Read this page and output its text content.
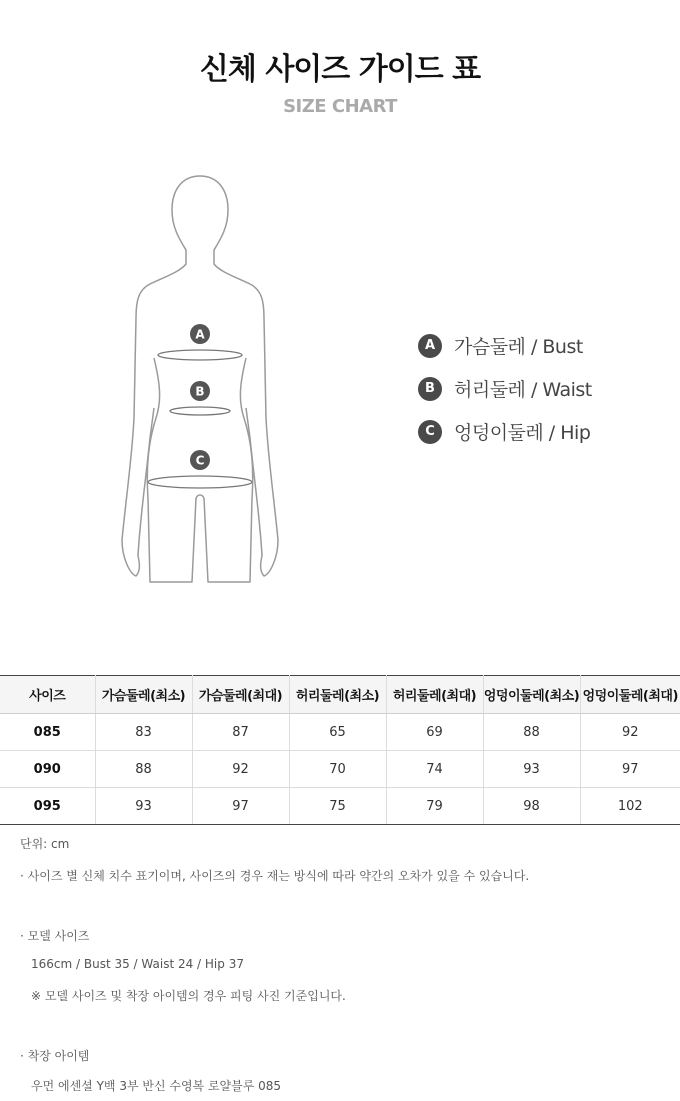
신체 사이즈 가이드 표
SIZE CHART
A
B
C
A 가슴둘레 / Bust
B	허리둘레 / Waist
C	엉덩이둘레 / Hip
사이즈	가슴둘레(최소)	가슴둘레(최대)	허리둘레(최소)	허리둘레(최대)	엉덩이둘레(최소)	엉덩이둘레(최대)
085	83	87	65	69	88	92
090	88	92	70	74	93	97
095	93	97	75	79	98	102
단위: cm
· 사이즈 별 신체 치수 표기이며, 사이즈의 경우 재는 방식에 따라 약간의 오차가 있을 수 있습니다.
· 모델 사이즈
166cm / Bust 35 / Waist 24 / Hip 37
※ 모델 사이즈 및 착장 아이템의 경우 피팅 사진 기준입니다.
· 착장 아이템
우먼 에센셜 Y백 3부 반신 수영복 로얄블루 085
